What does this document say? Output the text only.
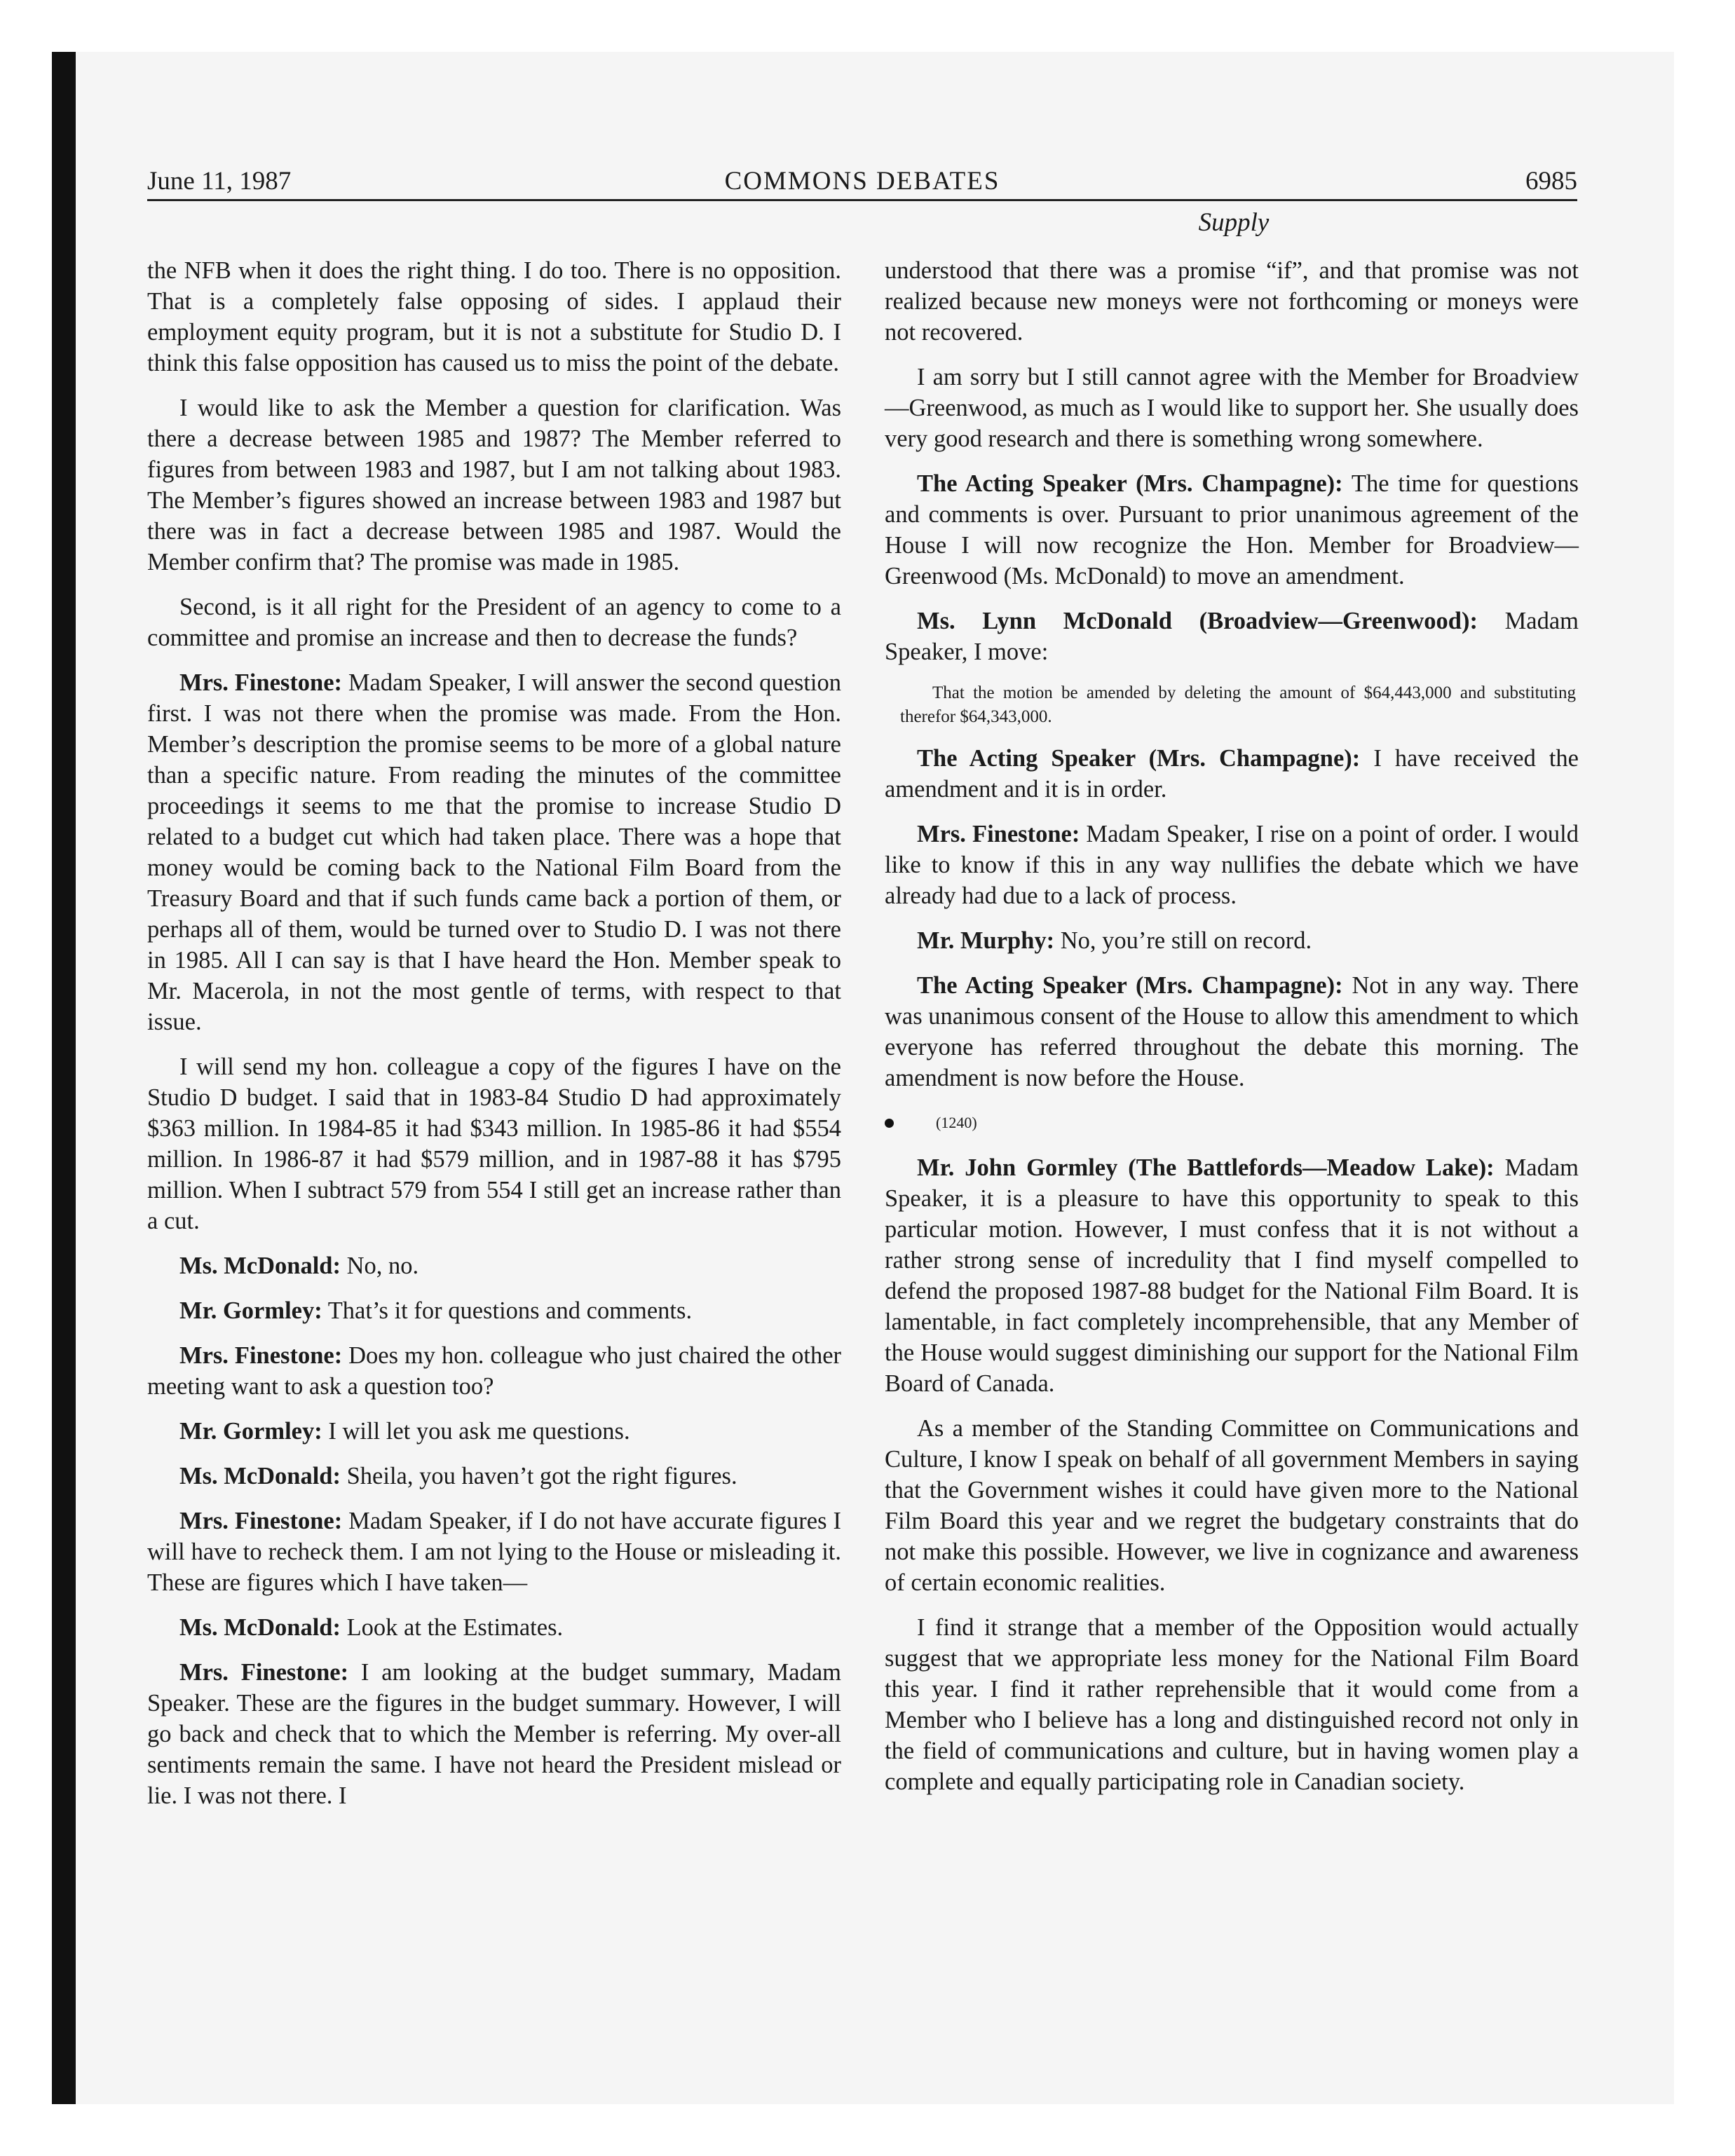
June 11, 1987	COMMONS DEBATES	6985
Supply

the NFB when it does the right thing. I do too. There is no opposition. That is a completely false opposing of sides. I applaud their employment equity program, but it is not a substitute for Studio D. I think this false opposition has caused us to miss the point of the debate.

I would like to ask the Member a question for clarification. Was there a decrease between 1985 and 1987? The Member referred to figures from between 1983 and 1987, but I am not talking about 1983. The Member’s figures showed an increase between 1983 and 1987 but there was in fact a decrease between 1985 and 1987. Would the Member confirm that? The promise was made in 1985.

Second, is it all right for the President of an agency to come to a committee and promise an increase and then to decrease the funds?

Mrs. Finestone: Madam Speaker, I will answer the second question first. I was not there when the promise was made. From the Hon. Member’s description the promise seems to be more of a global nature than a specific nature. From reading the minutes of the committee proceedings it seems to me that the promise to increase Studio D related to a budget cut which had taken place. There was a hope that money would be coming back to the National Film Board from the Treasury Board and that if such funds came back a portion of them, or perhaps all of them, would be turned over to Studio D. I was not there in 1985. All I can say is that I have heard the Hon. Member speak to Mr. Macerola, in not the most gentle of terms, with respect to that issue.

I will send my hon. colleague a copy of the figures I have on the Studio D budget. I said that in 1983-84 Studio D had approximately $363 million. In 1984-85 it had $343 million. In 1985-86 it had $554 million. In 1986-87 it had $579 million, and in 1987-88 it has $795 million. When I subtract 579 from 554 I still get an increase rather than a cut.

Ms. McDonald: No, no.

Mr. Gormley: That’s it for questions and comments.

Mrs. Finestone: Does my hon. colleague who just chaired the other meeting want to ask a question too?

Mr. Gormley: I will let you ask me questions.

Ms. McDonald: Sheila, you haven’t got the right figures.

Mrs. Finestone: Madam Speaker, if I do not have accurate figures I will have to recheck them. I am not lying to the House or misleading it. These are figures which I have taken—

Ms. McDonald: Look at the Estimates.

Mrs. Finestone: I am looking at the budget summary, Madam Speaker. These are the figures in the budget summary. However, I will go back and check that to which the Member is referring. My over-all sentiments remain the same. I have not heard the President mislead or lie. I was not there. I

understood that there was a promise “if”, and that promise was not realized because new moneys were not forthcoming or moneys were not recovered.

I am sorry but I still cannot agree with the Member for Broadview—Greenwood, as much as I would like to support her. She usually does very good research and there is something wrong somewhere.

The Acting Speaker (Mrs. Champagne): The time for questions and comments is over. Pursuant to prior unanimous agreement of the House I will now recognize the Hon. Member for Broadview—Greenwood (Ms. McDonald) to move an amendment.

Ms. Lynn McDonald (Broadview—Greenwood): Madam Speaker, I move:

That the motion be amended by deleting the amount of $64,443,000 and substituting therefor $64,343,000.

The Acting Speaker (Mrs. Champagne): I have received the amendment and it is in order.

Mrs. Finestone: Madam Speaker, I rise on a point of order. I would like to know if this in any way nullifies the debate which we have already had due to a lack of process.

Mr. Murphy: No, you’re still on record.

The Acting Speaker (Mrs. Champagne): Not in any way. There was unanimous consent of the House to allow this amendment to which everyone has referred throughout the debate this morning. The amendment is now before the House.

(1240)

Mr. John Gormley (The Battlefords—Meadow Lake): Madam Speaker, it is a pleasure to have this opportunity to speak to this particular motion. However, I must confess that it is not without a rather strong sense of incredulity that I find myself compelled to defend the proposed 1987-88 budget for the National Film Board. It is lamentable, in fact completely incomprehensible, that any Member of the House would suggest diminishing our support for the National Film Board of Canada.

As a member of the Standing Committee on Communications and Culture, I know I speak on behalf of all government Members in saying that the Government wishes it could have given more to the National Film Board this year and we regret the budgetary constraints that do not make this possible. However, we live in cognizance and awareness of certain economic realities.

I find it strange that a member of the Opposition would actually suggest that we appropriate less money for the National Film Board this year. I find it rather reprehensible that it would come from a Member who I believe has a long and distinguished record not only in the field of communications and culture, but in having women play a complete and equally participating role in Canadian society.
